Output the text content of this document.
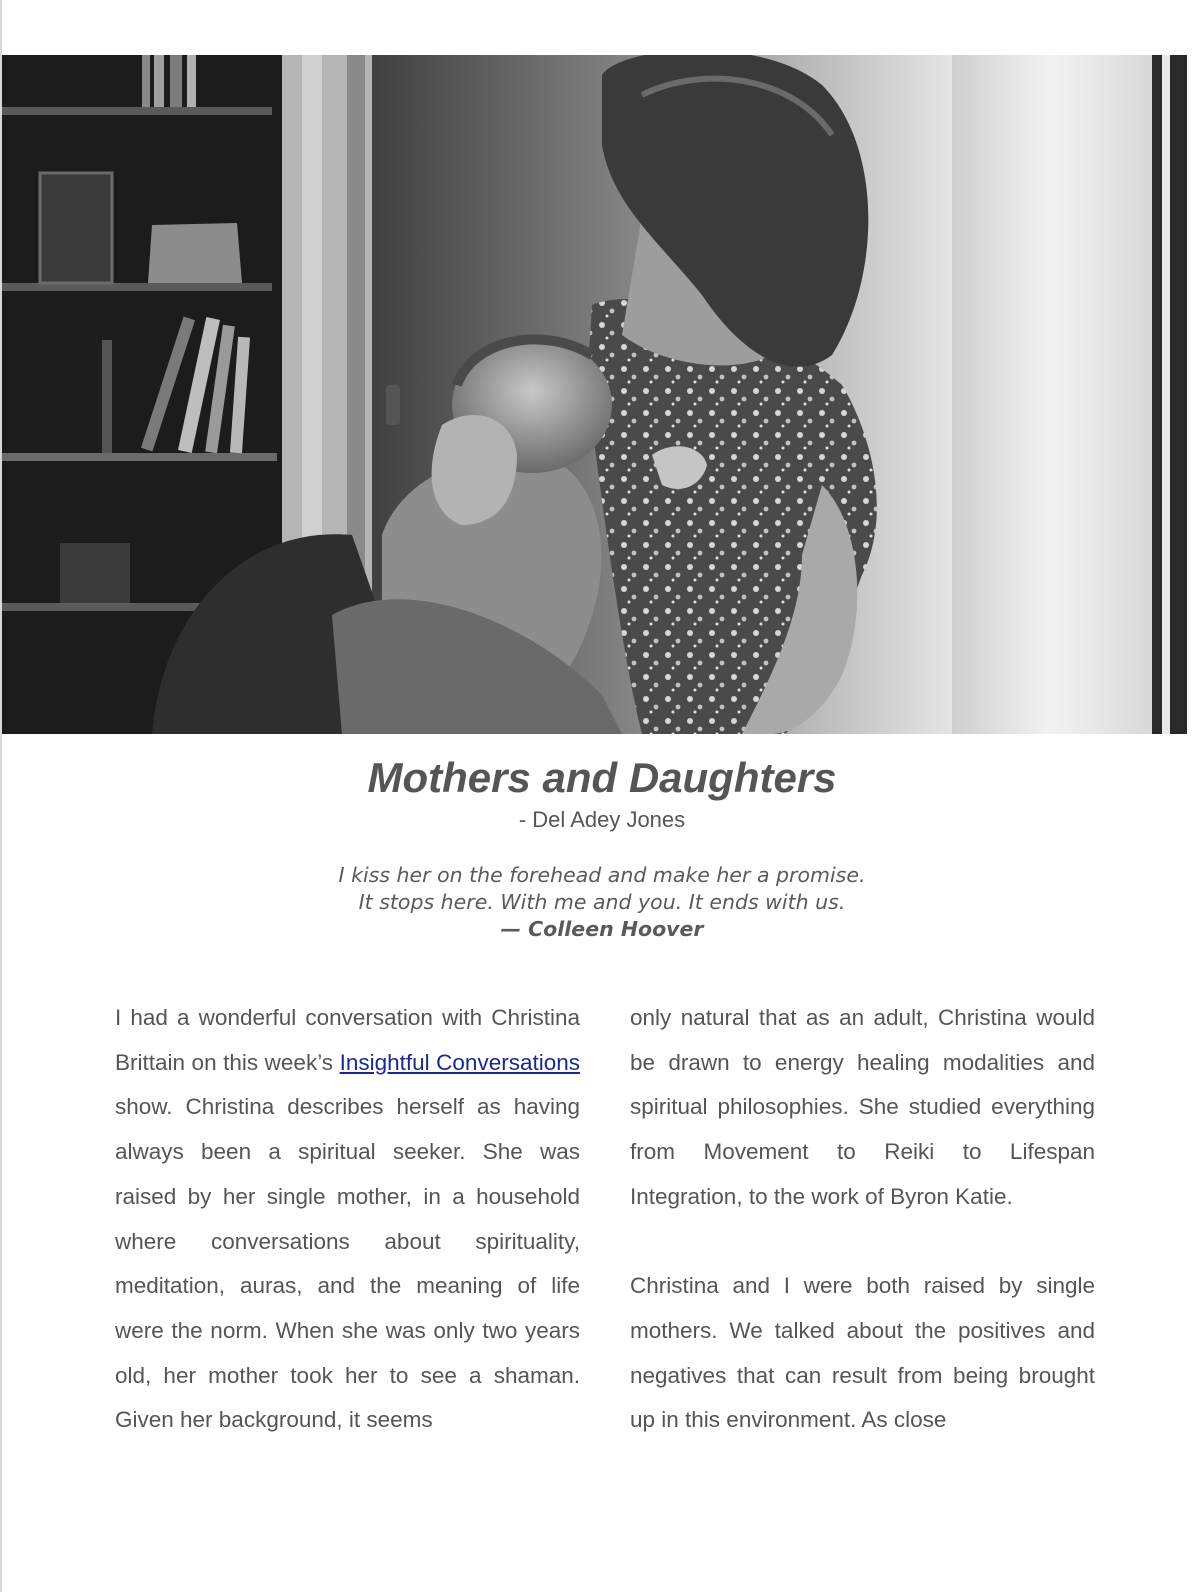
Mothers and Daughters
- Del Adey Jones
I kiss her on the forehead and make her a promise.
It stops here. With me and you. It ends with us.
— Colleen Hoover

I had a wonderful conversation with Christina Brittain on this week’s Insightful Conversations show. Christina describes herself as having always been a spiritual seeker. She was raised by her single mother, in a household where conversations about spirituality, meditation, auras, and the meaning of life were the norm. When she was only two years old, her mother took her to see a shaman. Given her background, it seems

only natural that as an adult, Christina would be drawn to energy healing modalities and spiritual philosophies. She studied everything from Movement to Reiki to Lifespan Integration, to the work of Byron Katie.

Christina and I were both raised by single mothers. We talked about the positives and negatives that can result from being brought up in this environment. As close
